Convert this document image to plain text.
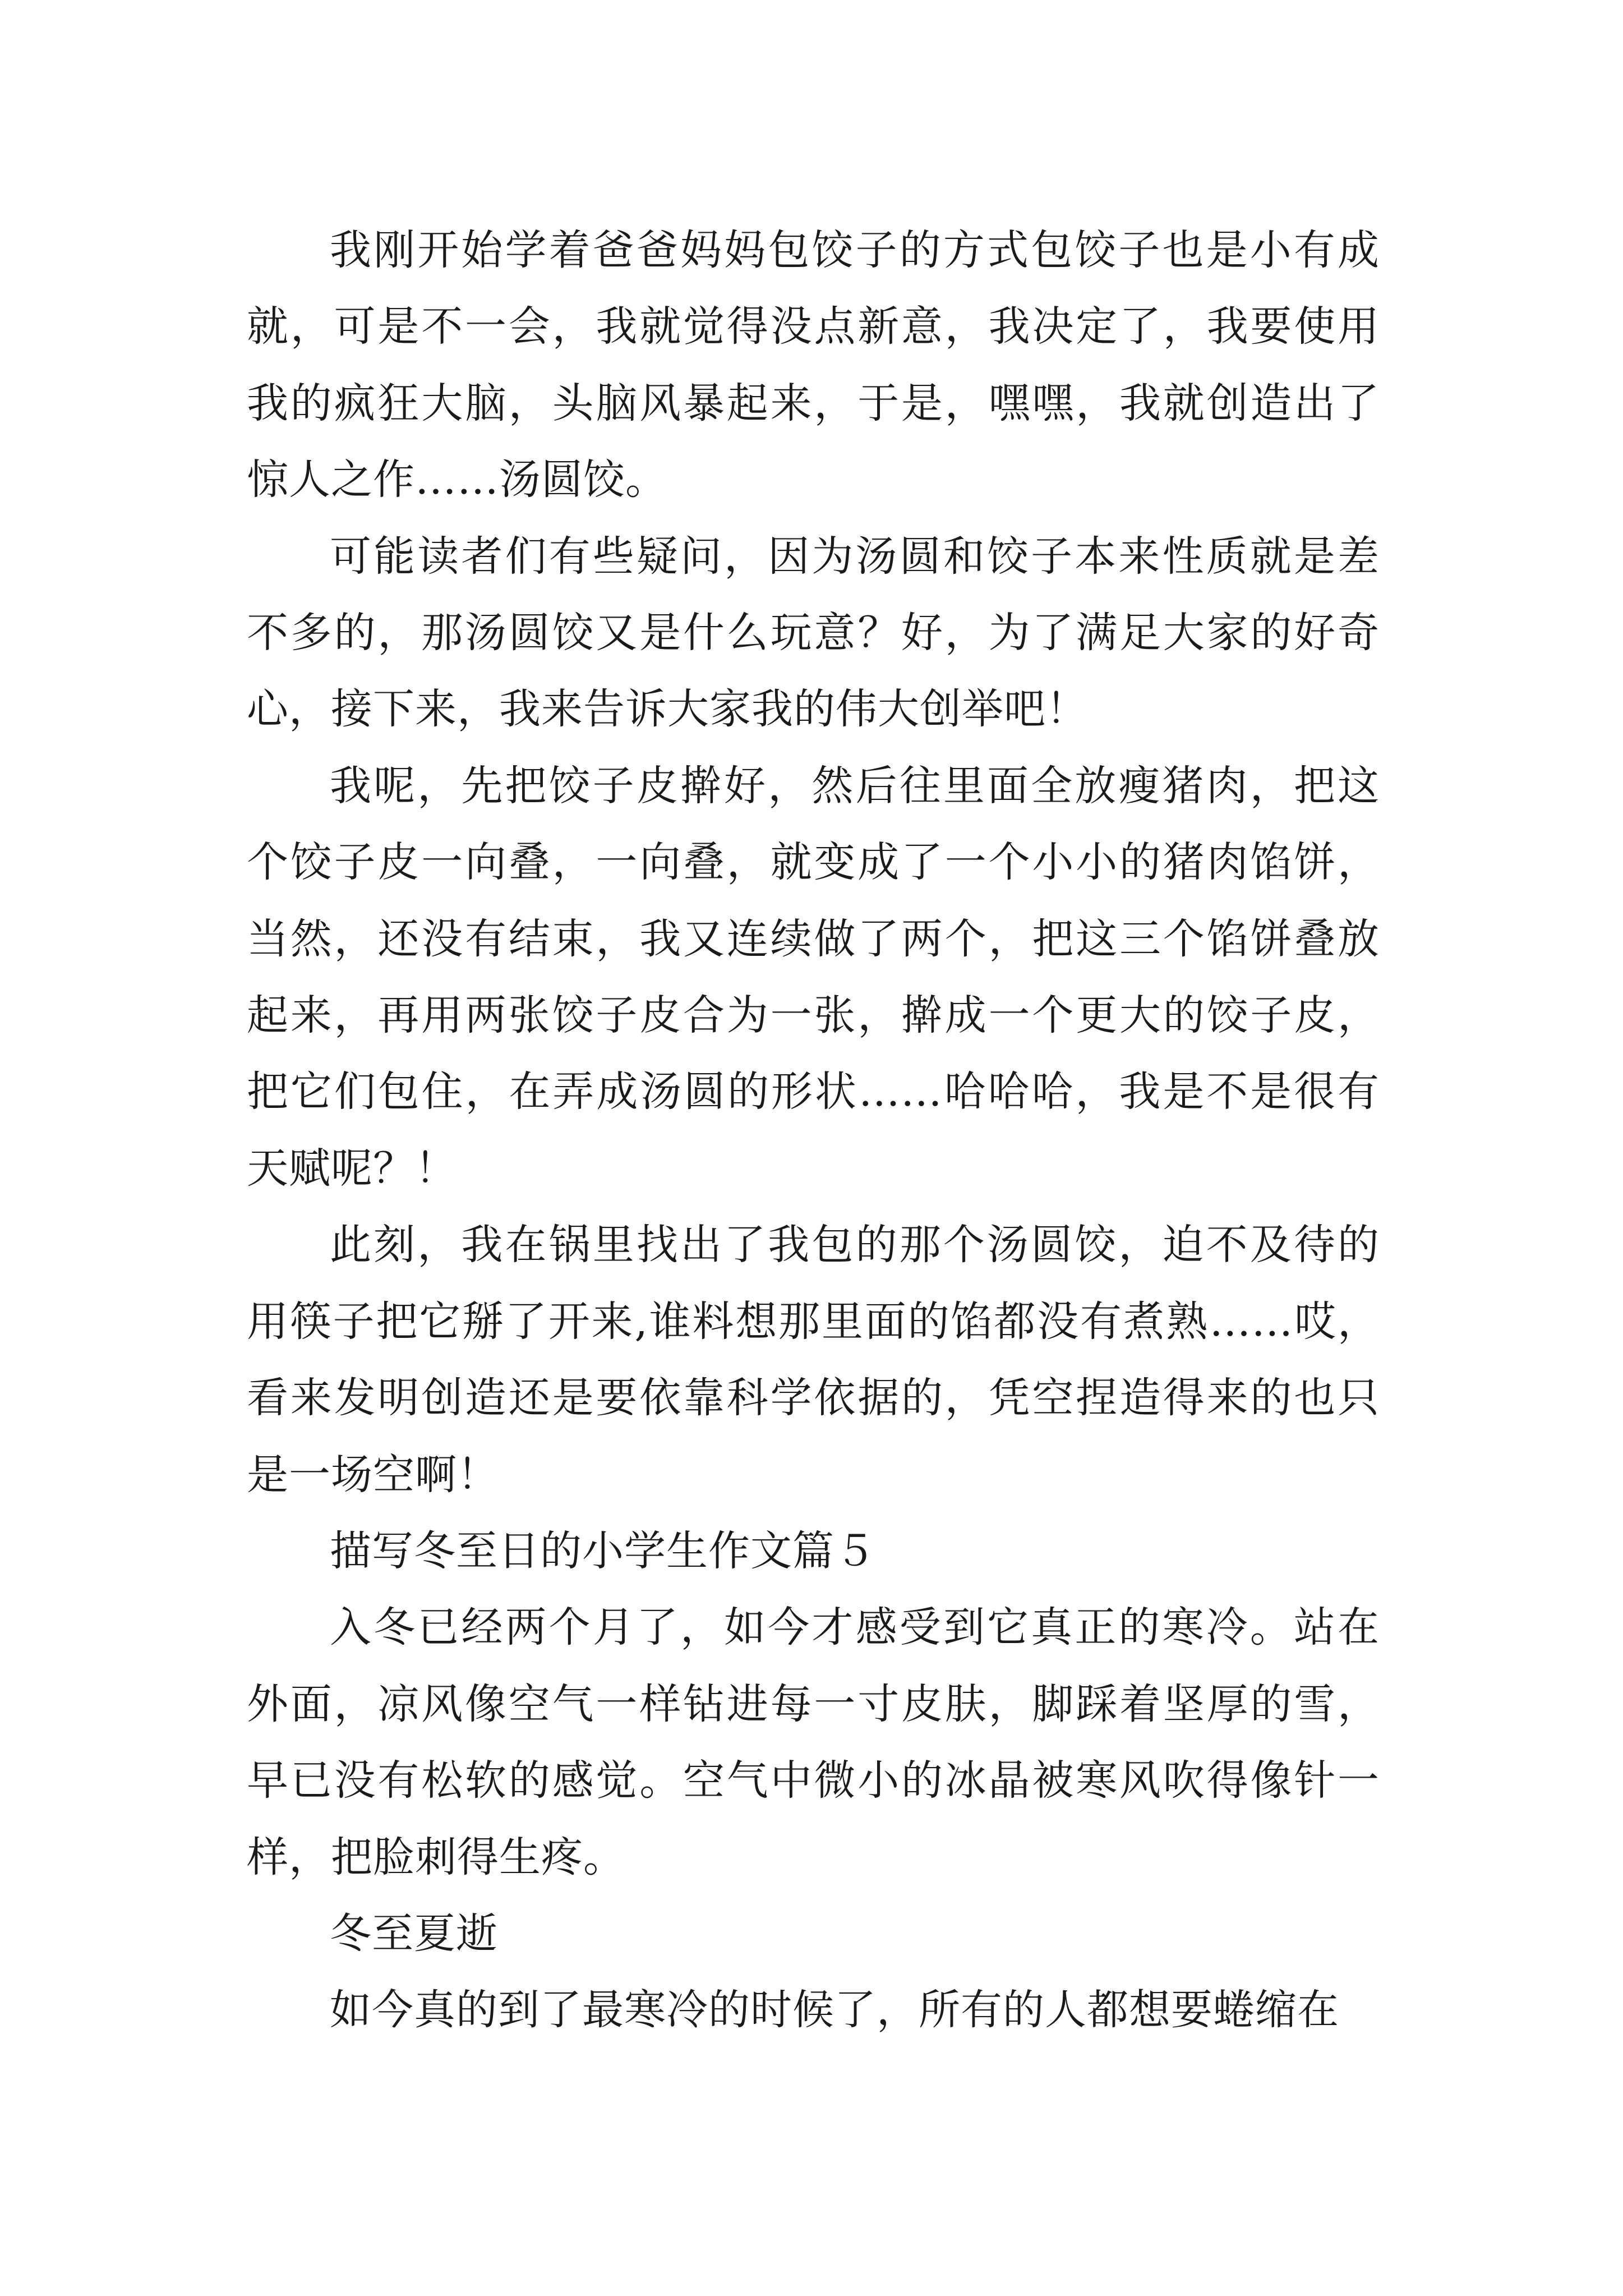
我刚开始学着爸爸妈妈包饺子的方式包饺子也是小有成就，可是不一会，我就觉得没点新意，我决定了，我要使用我的疯狂大脑，头脑风暴起来，于是，嘿嘿，我就创造出了惊人之作……汤圆饺。

可能读者们有些疑问，因为汤圆和饺子本来性质就是差不多的，那汤圆饺又是什么玩意？好，为了满足大家的好奇心，接下来，我来告诉大家我的伟大创举吧！

我呢，先把饺子皮擀好，然后往里面全放瘦猪肉，把这个饺子皮一向叠，一向叠，就变成了一个小小的猪肉馅饼，当然，还没有结束，我又连续做了两个，把这三个馅饼叠放起来，再用两张饺子皮合为一张，擀成一个更大的饺子皮，把它们包住，在弄成汤圆的形状……哈哈哈，我是不是很有天赋呢？！

此刻，我在锅里找出了我包的那个汤圆饺，迫不及待的用筷子把它掰了开来,谁料想那里面的馅都没有煮熟……哎，看来发明创造还是要依靠科学依据的，凭空捏造得来的也只是一场空啊！

描写冬至日的小学生作文篇５

入冬已经两个月了，如今才感受到它真正的寒冷。站在外面，凉风像空气一样钻进每一寸皮肤，脚踩着坚厚的雪，早已没有松软的感觉。空气中微小的冰晶被寒风吹得像针一样，把脸刺得生疼。

冬至夏逝

如今真的到了最寒冷的时候了，所有的人都想要蜷缩在
